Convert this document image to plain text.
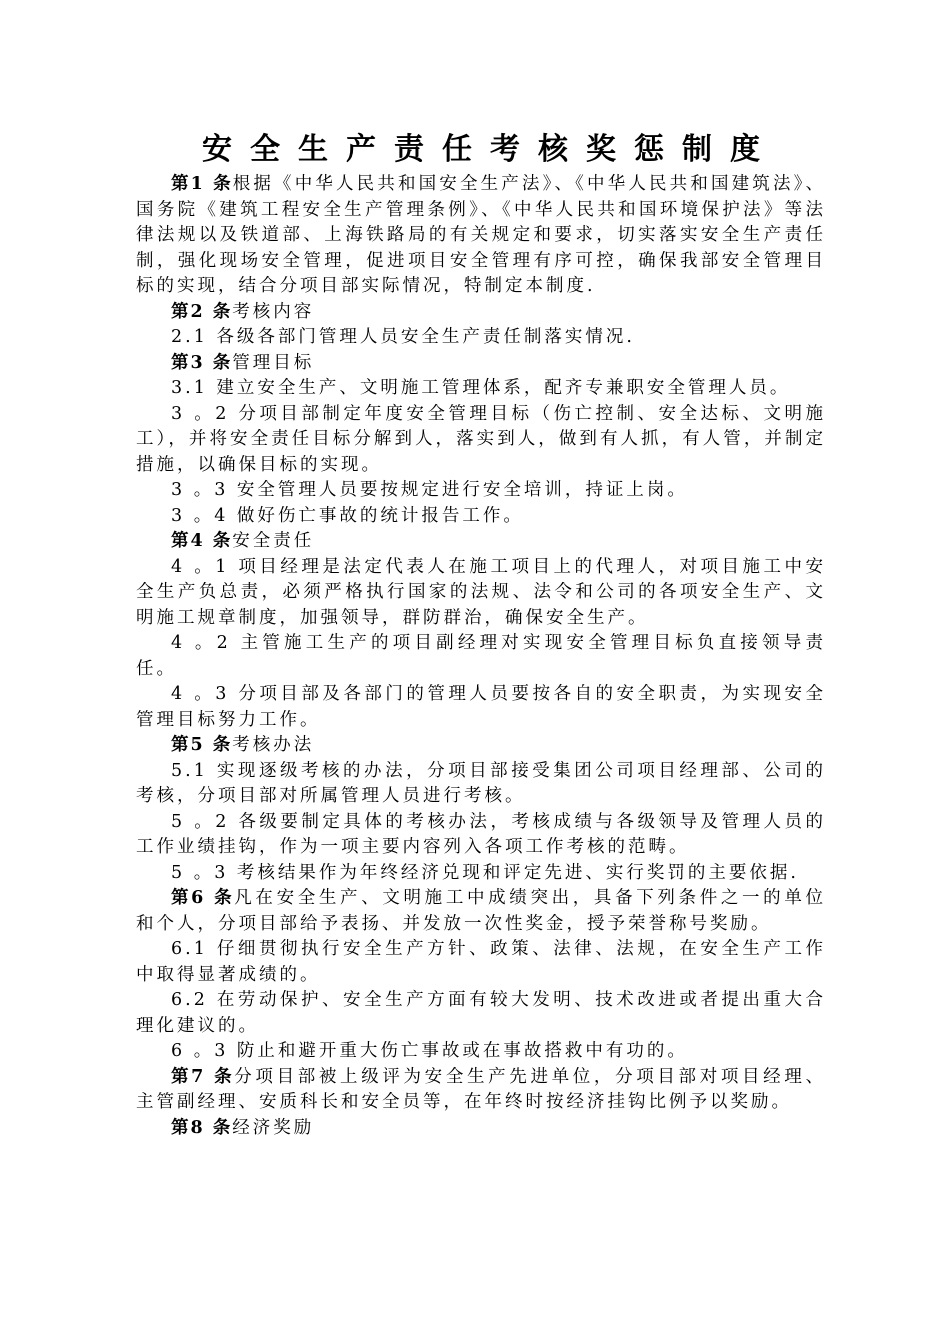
安全生产责任考核奖惩制度

第1 条根据《中华人民共和国安全生产法》、《中华人民共和国建筑法》、国务院《建筑工程安全生产管理条例》、《中华人民共和国环境保护法》等法律法规以及铁道部、上海铁路局的有关规定和要求，切实落实安全生产责任制，强化现场安全管理，促进项目安全管理有序可控，确保我部安全管理目标的实现，结合分项目部实际情况，特制定本制度.

第2 条考核内容

2.1 各级各部门管理人员安全生产责任制落实情况.

第3 条管理目标

3.1 建立安全生产、文明施工管理体系，配齐专兼职安全管理人员。

3 。2 分项目部制定年度安全管理目标（伤亡控制、安全达标、文明施工），并将安全责任目标分解到人，落实到人，做到有人抓，有人管，并制定措施，以确保目标的实现。

3 。3 安全管理人员要按规定进行安全培训，持证上岗。

3 。4 做好伤亡事故的统计报告工作。

第4 条安全责任

4 。1 项目经理是法定代表人在施工项目上的代理人，对项目施工中安全生产负总责，必须严格执行国家的法规、法令和公司的各项安全生产、文明施工规章制度，加强领导，群防群治，确保安全生产。

4 。2 主管施工生产的项目副经理对实现安全管理目标负直接领导责任。

4 。3 分项目部及各部门的管理人员要按各自的安全职责，为实现安全管理目标努力工作。

第5 条考核办法

5.1 实现逐级考核的办法，分项目部接受集团公司项目经理部、公司的考核，分项目部对所属管理人员进行考核。

5 。2 各级要制定具体的考核办法，考核成绩与各级领导及管理人员的工作业绩挂钩，作为一项主要内容列入各项工作考核的范畴。

5 。3 考核结果作为年终经济兑现和评定先进、实行奖罚的主要依据.

第6 条凡在安全生产、文明施工中成绩突出，具备下列条件之一的单位和个人，分项目部给予表扬、并发放一次性奖金，授予荣誉称号奖励。

6.1 仔细贯彻执行安全生产方针、政策、法律、法规，在安全生产工作中取得显著成绩的。

6.2 在劳动保护、安全生产方面有较大发明、技术改进或者提出重大合理化建议的。

6 。3 防止和避开重大伤亡事故或在事故搭救中有功的。

第7 条分项目部被上级评为安全生产先进单位，分项目部对项目经理、主管副经理、安质科长和安全员等，在年终时按经济挂钩比例予以奖励。

第8 条经济奖励
